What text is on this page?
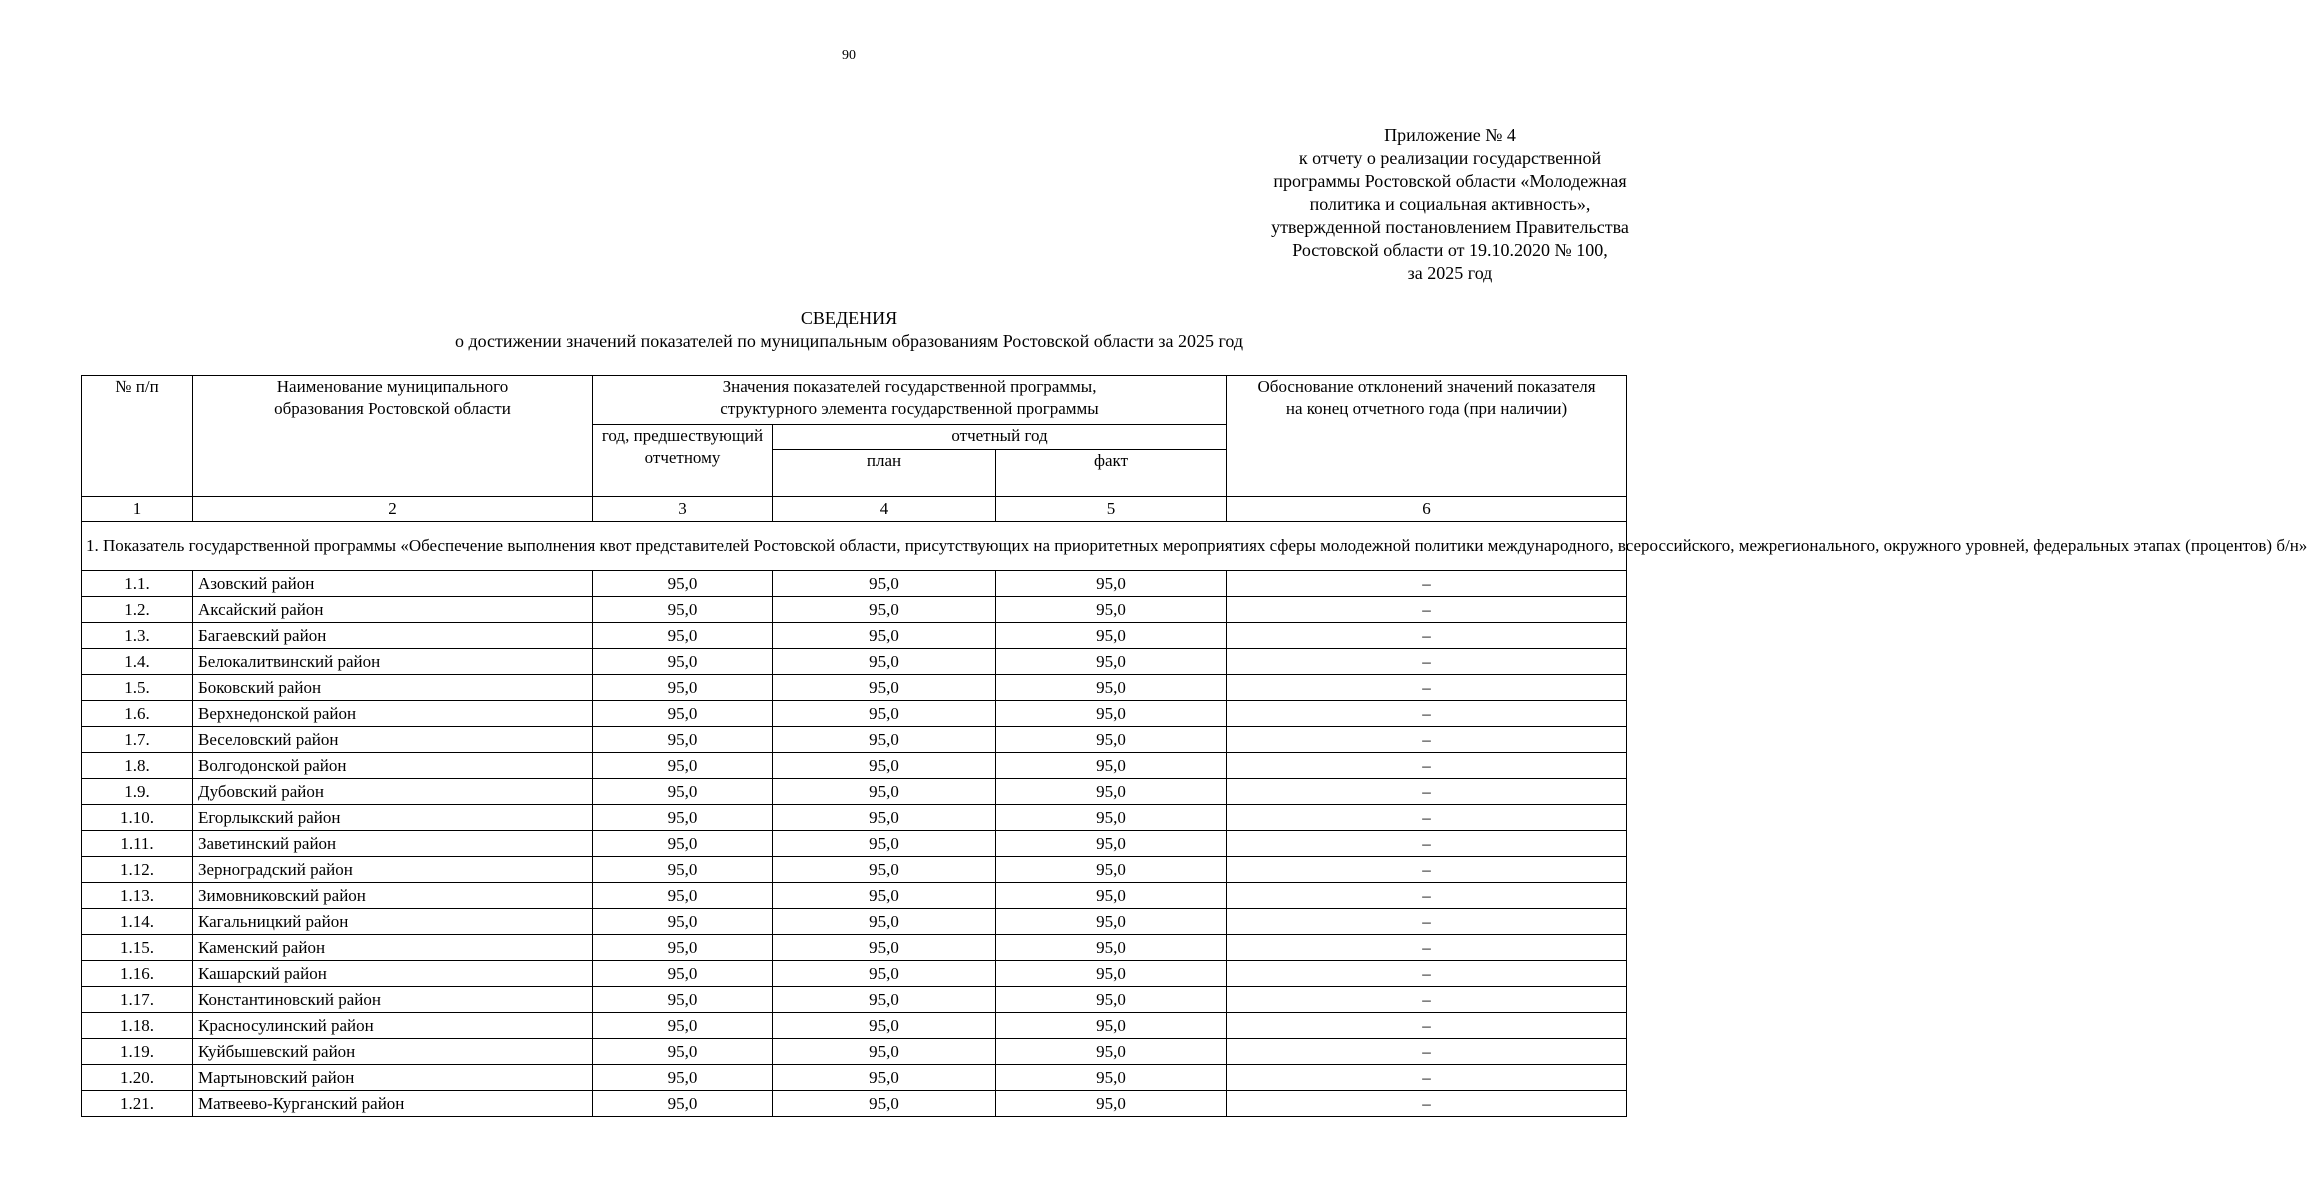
90
Приложение № 4
к отчету о реализации государственной
программы Ростовской области «Молодежная
политика и социальная активность»,
утвержденной постановлением Правительства
Ростовской области от 19.10.2020 № 100,
за 2025 год
СВЕДЕНИЯ
о достижении значений показателей по муниципальным образованиям Ростовской области за 2025 год
№ п/п	Наименование муниципального образования Ростовской области	Значения показателей государственной программы, структурного элемента государственной программы			Обоснование отклонений значений показателя на конец отчетного года (при наличии)
		год, предшествующий отчетному	отчетный год		
			план	факт	
1	2	3	4	5	6
1. Показатель государственной программы «Обеспечение выполнения квот представителей Ростовской области, присутствующих на приоритетных мероприятиях сферы молодежной политики международного, всероссийского, межрегионального, окружного уровней, федеральных этапах (процентов) б/н»					
1.1.	Азовский район	95,0	95,0	95,0	–
1.2.	Аксайский район	95,0	95,0	95,0	–
1.3.	Багаевский район	95,0	95,0	95,0	–
1.4.	Белокалитвинский район	95,0	95,0	95,0	–
1.5.	Боковский район	95,0	95,0	95,0	–
1.6.	Верхнедонской район	95,0	95,0	95,0	–
1.7.	Веселовский район	95,0	95,0	95,0	–
1.8.	Волгодонской район	95,0	95,0	95,0	–
1.9.	Дубовский район	95,0	95,0	95,0	–
1.10.	Егорлыкский район	95,0	95,0	95,0	–
1.11.	Заветинский район	95,0	95,0	95,0	–
1.12.	Зерноградский район	95,0	95,0	95,0	–
1.13.	Зимовниковский район	95,0	95,0	95,0	–
1.14.	Кагальницкий район	95,0	95,0	95,0	–
1.15.	Каменский район	95,0	95,0	95,0	–
1.16.	Кашарский район	95,0	95,0	95,0	–
1.17.	Константиновский район	95,0	95,0	95,0	–
1.18.	Красносулинский район	95,0	95,0	95,0	–
1.19.	Куйбышевский район	95,0	95,0	95,0	–
1.20.	Мартыновский район	95,0	95,0	95,0	–
1.21.	Матвеево-Курганский район	95,0	95,0	95,0	–
